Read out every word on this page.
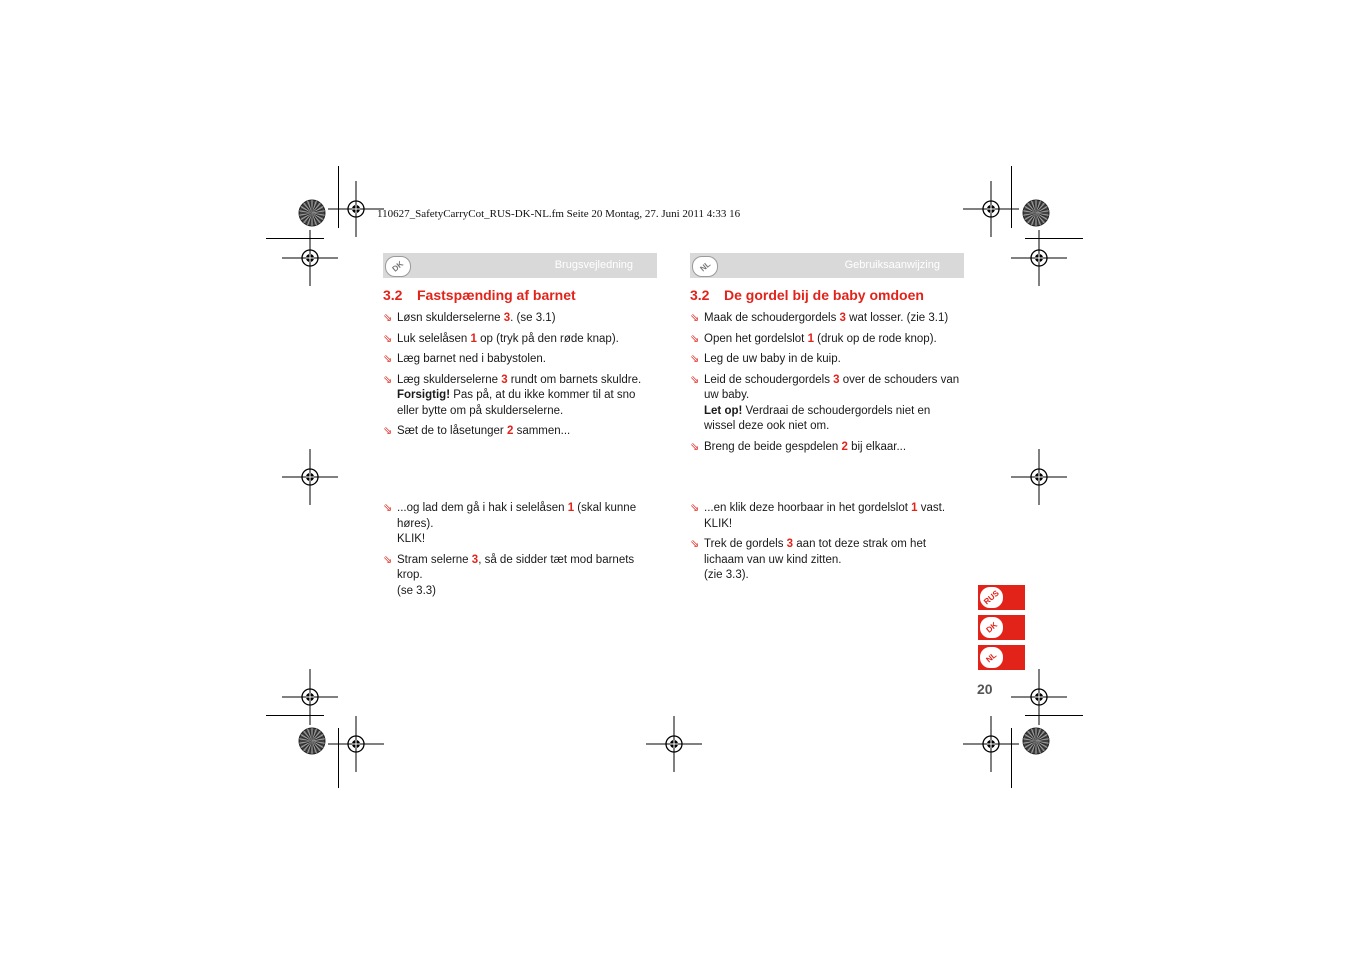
110627_SafetyCarryCot_RUS-DK-NL.fm Seite 20 Montag, 27. Juni 2011 4:33 16
DK	Brugsvejledning
3.2 Fastspænding af barnet
⇘ Løsn skulderselerne 3. (se 3.1)
⇘ Luk selelåsen 1 op (tryk på den røde knap).
⇘ Læg barnet ned i babystolen.
⇘ Læg skulderselerne 3 rundt om barnets skuldre.
Forsigtig! Pas på, at du ikke kommer til at sno eller bytte om på skulderselerne.
⇘ Sæt de to låsetunger 2 sammen...
⇘ ...og lad dem gå i hak i selelåsen 1 (skal kunne høres).
KLIK!
⇘ Stram selerne 3, så de sidder tæt mod barnets krop.
(se 3.3)
NL	Gebruiksaanwijzing
3.2 De gordel bij de baby omdoen
⇘ Maak de schoudergordels 3 wat losser. (zie 3.1)
⇘ Open het gordelslot 1 (druk op de rode knop).
⇘ Leg de uw baby in de kuip.
⇘ Leid de schoudergordels 3 over de schouders van uw baby.
Let op! Verdraai de schoudergordels niet en wissel deze ook niet om.
⇘ Breng de beide gespdelen 2 bij elkaar...
⇘ ...en klik deze hoorbaar in het gordelslot 1 vast.
KLIK!
⇘ Trek de gordels 3 aan tot deze strak om het lichaam van uw kind zitten.
(zie 3.3).
RUS
DK
NL
20
